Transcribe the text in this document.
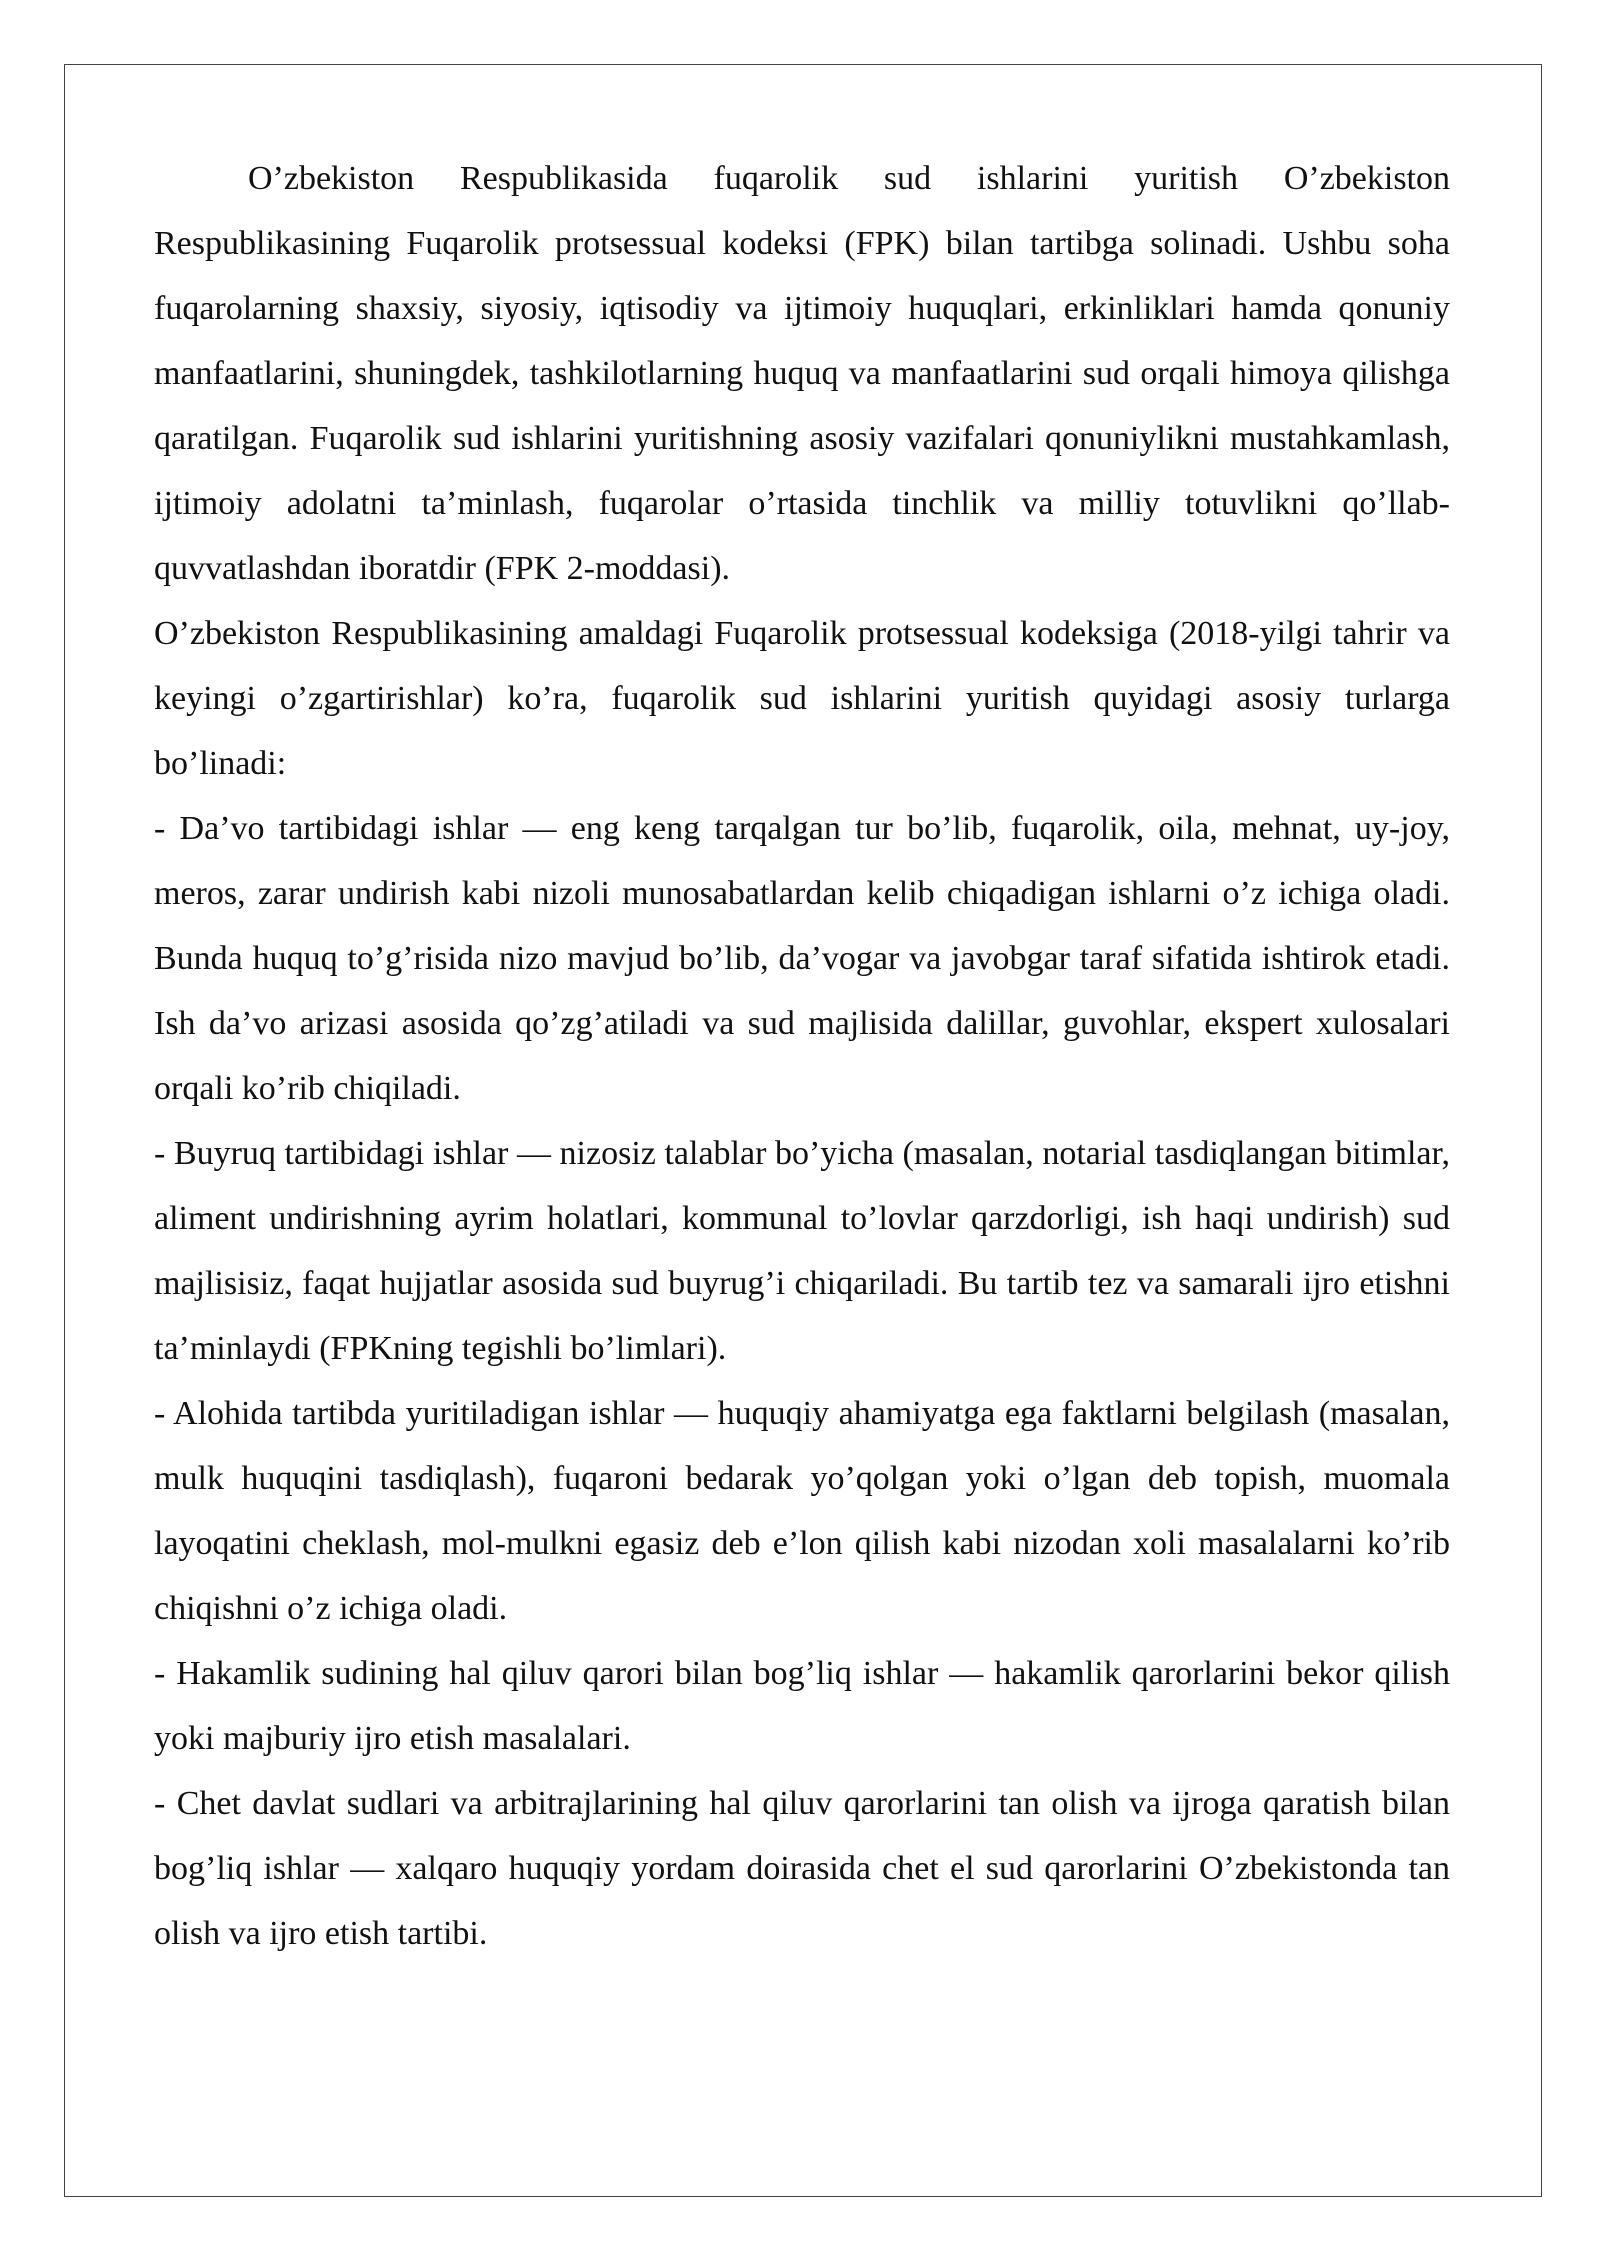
O’zbekiston Respublikasida fuqarolik sud ishlarini yuritish O’zbekiston Respublikasining Fuqarolik protsessual kodeksi (FPK) bilan tartibga solinadi. Ushbu soha fuqarolarning shaxsiy, siyosiy, iqtisodiy va ijtimoiy huquqlari, erkinliklari hamda qonuniy manfaatlarini, shuningdek, tashkilotlarning huquq va manfaatlarini sud orqali himoya qilishga qaratilgan. Fuqarolik sud ishlarini yuritishning asosiy vazifalari qonuniylikni mustahkamlash, ijtimoiy adolatni ta’minlash, fuqarolar o’rtasida tinchlik va milliy totuvlikni qo’llab-quvvatlashdan iboratdir (FPK 2-moddasi).

O’zbekiston Respublikasining amaldagi Fuqarolik protsessual kodeksiga (2018-yilgi tahrir va keyingi o’zgartirishlar) ko’ra, fuqarolik sud ishlarini yuritish quyidagi asosiy turlarga bo’linadi:

- Da’vo tartibidagi ishlar — eng keng tarqalgan tur bo’lib, fuqarolik, oila, mehnat, uy-joy, meros, zarar undirish kabi nizoli munosabatlardan kelib chiqadigan ishlarni o’z ichiga oladi. Bunda huquq to’g’risida nizo mavjud bo’lib, da’vogar va javobgar taraf sifatida ishtirok etadi. Ish da’vo arizasi asosida qo’zg’atiladi va sud majlisida dalillar, guvohlar, ekspert xulosalari orqali ko’rib chiqiladi.

- Buyruq tartibidagi ishlar — nizosiz talablar bo’yicha (masalan, notarial tasdiqlangan bitimlar, aliment undirishning ayrim holatlari, kommunal to’lovlar qarzdorligi, ish haqi undirish) sud majlisisiz, faqat hujjatlar asosida sud buyrug’i chiqariladi. Bu tartib tez va samarali ijro etishni ta’minlaydi (FPKning tegishli bo’limlari).

- Alohida tartibda yuritiladigan ishlar — huquqiy ahamiyatga ega faktlarni belgilash (masalan, mulk huquqini tasdiqlash), fuqaroni bedarak yo’qolgan yoki o’lgan deb topish, muomala layoqatini cheklash, mol-mulkni egasiz deb e’lon qilish kabi nizodan xoli masalalarni ko’rib chiqishni o’z ichiga oladi.

- Hakamlik sudining hal qiluv qarori bilan bog’liq ishlar — hakamlik qarorlarini bekor qilish yoki majburiy ijro etish masalalari.

- Chet davlat sudlari va arbitrajlarining hal qiluv qarorlarini tan olish va ijroga qaratish bilan bog’liq ishlar — xalqaro huquqiy yordam doirasida chet el sud qarorlarini O’zbekistonda tan olish va ijro etish tartibi.
